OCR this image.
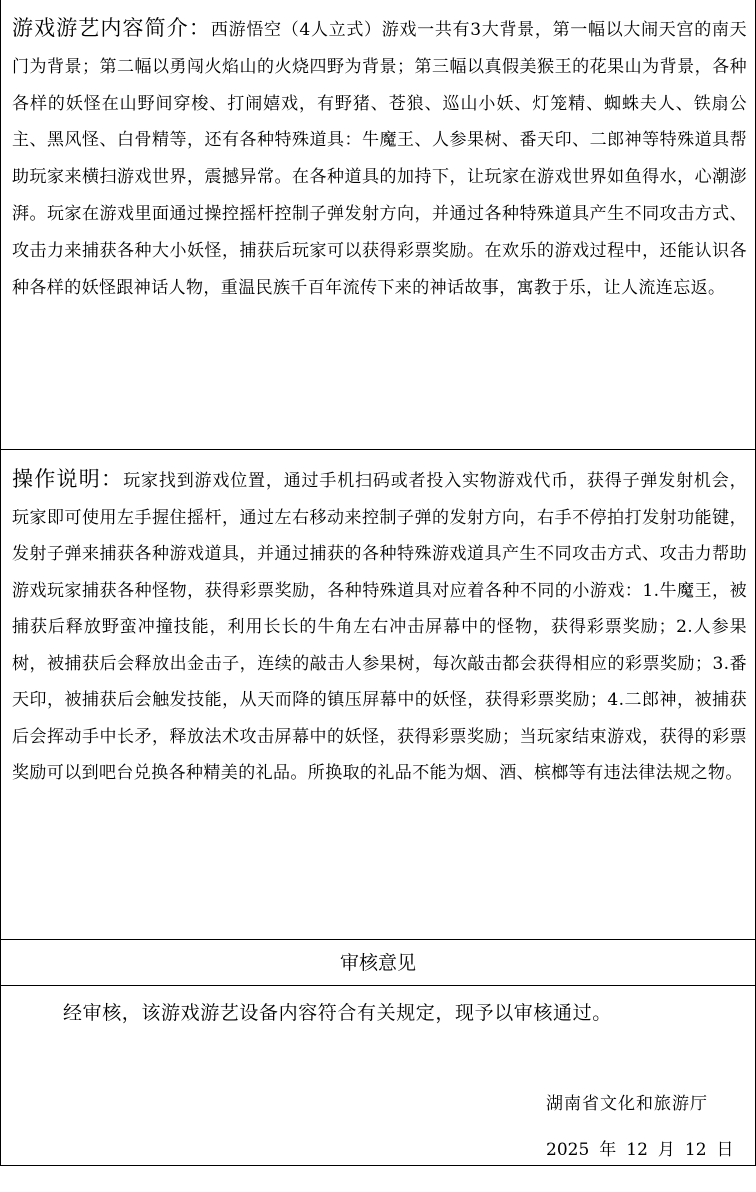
游戏游艺内容简介：西游悟空（4人立式）游戏一共有3大背景，第一幅以大闹天宫的南天门为背景；第二幅以勇闯火焰山的火烧四野为背景；第三幅以真假美猴王的花果山为背景，各种各样的妖怪在山野间穿梭、打闹嬉戏，有野猪、苍狼、巡山小妖、灯笼精、蜘蛛夫人、铁扇公主、黑风怪、白骨精等，还有各种特殊道具：牛魔王、人参果树、番天印、二郎神等特殊道具帮助玩家来横扫游戏世界，震撼异常。在各种道具的加持下，让玩家在游戏世界如鱼得水，心潮澎湃。玩家在游戏里面通过操控摇杆控制子弹发射方向，并通过各种特殊道具产生不同攻击方式、攻击力来捕获各种大小妖怪，捕获后玩家可以获得彩票奖励。在欢乐的游戏过程中，还能认识各种各样的妖怪跟神话人物，重温民族千百年流传下来的神话故事，寓教于乐，让人流连忘返。

操作说明：玩家找到游戏位置，通过手机扫码或者投入实物游戏代币，获得子弹发射机会，玩家即可使用左手握住摇杆，通过左右移动来控制子弹的发射方向，右手不停拍打发射功能键，发射子弹来捕获各种游戏道具，并通过捕获的各种特殊游戏道具产生不同攻击方式、攻击力帮助游戏玩家捕获各种怪物，获得彩票奖励，各种特殊道具对应着各种不同的小游戏：1.牛魔王，被捕获后释放野蛮冲撞技能，利用长长的牛角左右冲击屏幕中的怪物，获得彩票奖励；2.人参果树，被捕获后会释放出金击子，连续的敲击人参果树，每次敲击都会获得相应的彩票奖励；3.番天印，被捕获后会触发技能，从天而降的镇压屏幕中的妖怪，获得彩票奖励；4.二郎神，被捕获后会挥动手中长矛，释放法术攻击屏幕中的妖怪，获得彩票奖励；当玩家结束游戏，获得的彩票奖励可以到吧台兑换各种精美的礼品。所换取的礼品不能为烟、酒、槟榔等有违法律法规之物。

审核意见
经审核，该游戏游艺设备内容符合有关规定，现予以审核通过。
湖南省文化和旅游厅
2025 年 12 月 12 日
